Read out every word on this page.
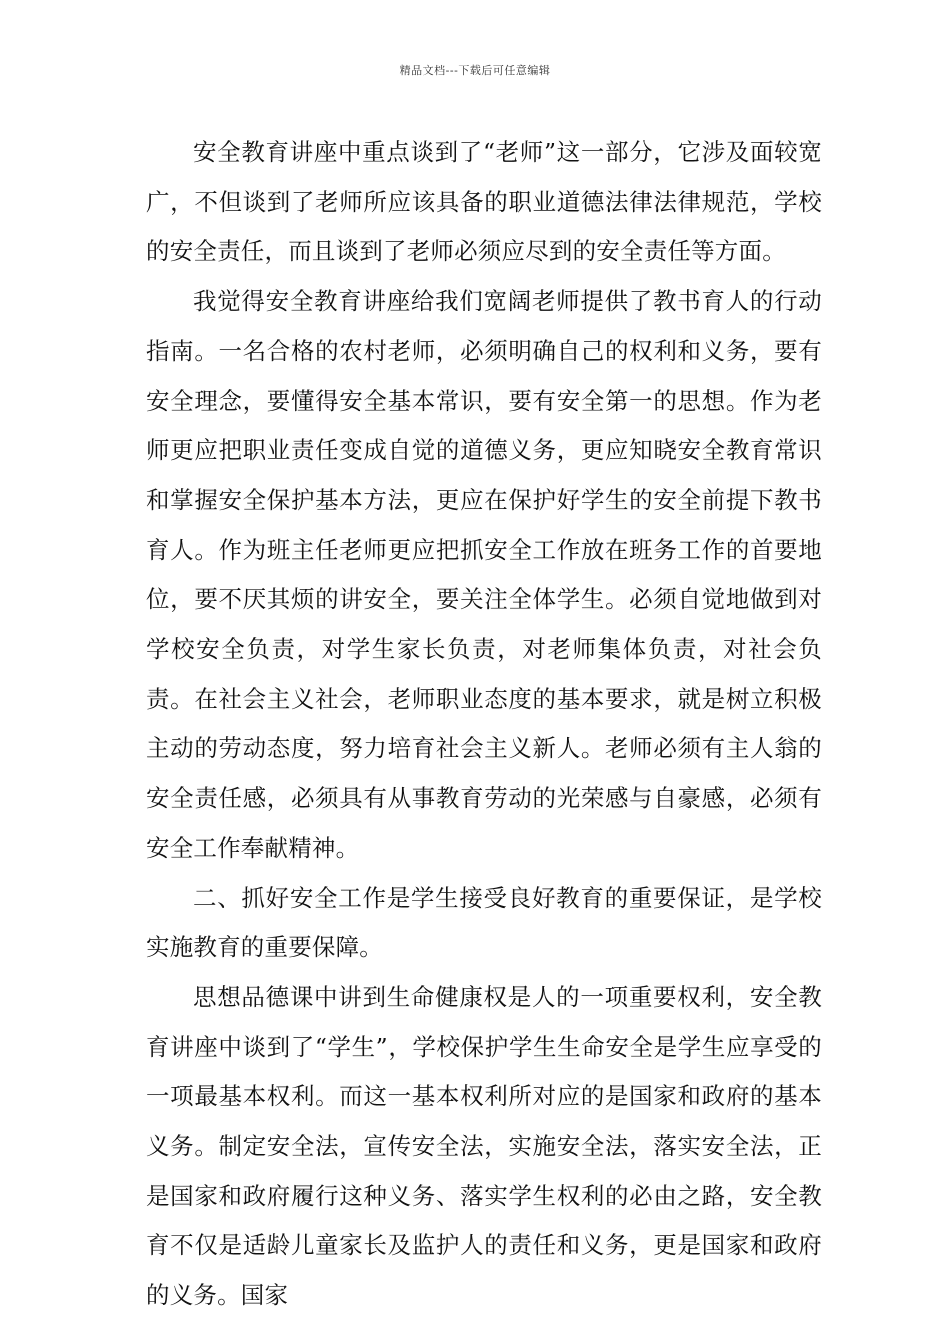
精品文档---下载后可任意编辑

安全教育讲座中重点谈到了“老师”这一部分，它涉及面较宽广，不但谈到了老师所应该具备的职业道德法律法律规范，学校的安全责任，而且谈到了老师必须应尽到的安全责任等方面。

我觉得安全教育讲座给我们宽阔老师提供了教书育人的行动指南。一名合格的农村老师，必须明确自己的权利和义务，要有安全理念，要懂得安全基本常识，要有安全第一的思想。作为老师更应把职业责任变成自觉的道德义务，更应知晓安全教育常识和掌握安全保护基本方法，更应在保护好学生的安全前提下教书育人。作为班主任老师更应把抓安全工作放在班务工作的首要地位，要不厌其烦的讲安全，要关注全体学生。必须自觉地做到对学校安全负责，对学生家长负责，对老师集体负责，对社会负责。在社会主义社会，老师职业态度的基本要求，就是树立积极主动的劳动态度，努力培育社会主义新人。老师必须有主人翁的安全责任感，必须具有从事教育劳动的光荣感与自豪感，必须有安全工作奉献精神。

二、抓好安全工作是学生接受良好教育的重要保证，是学校实施教育的重要保障。

思想品德课中讲到生命健康权是人的一项重要权利，安全教育讲座中谈到了“学生”，学校保护学生生命安全是学生应享受的一项最基本权利。而这一基本权利所对应的是国家和政府的基本义务。制定安全法，宣传安全法，实施安全法，落实安全法，正是国家和政府履行这种义务、落实学生权利的必由之路，安全教育不仅是适龄儿童家长及监护人的责任和义务，更是国家和政府的义务。国家
